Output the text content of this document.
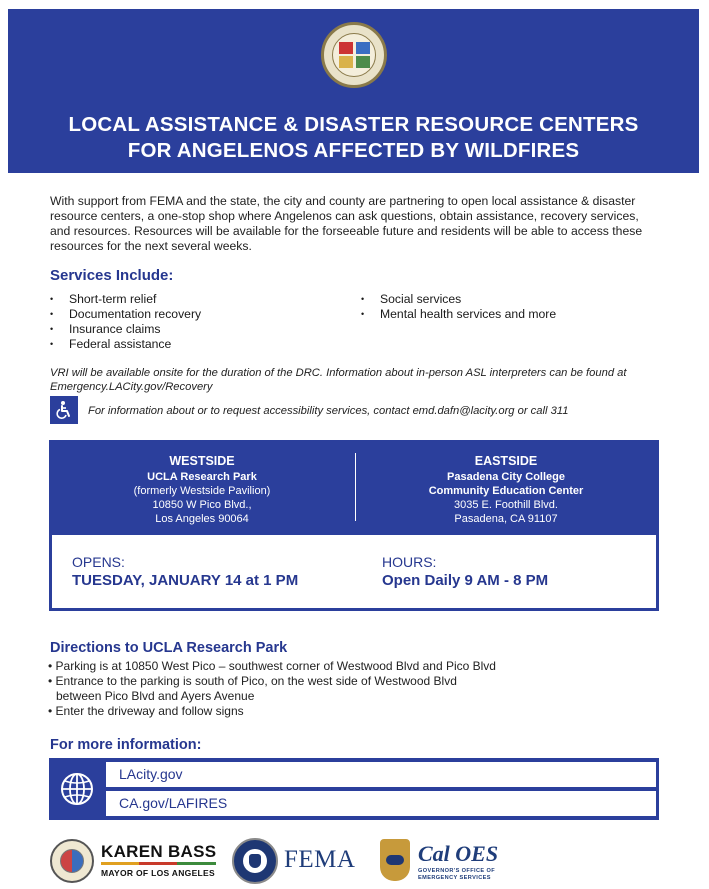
LOCAL ASSISTANCE & DISASTER RESOURCE CENTERS
FOR ANGELENOS AFFECTED BY WILDFIRES

With support from FEMA and the state, the city and county are partnering to open local assistance & disaster resource centers, a one-stop shop where Angelenos can ask questions, obtain assistance, recovery services, and resources. Resources will be available for the forseeable future and residents will be able to access these resources for the next several weeks.

Services Include:
• Short-term relief
• Documentation recovery
• Insurance claims
• Federal assistance
• Social services
• Mental health services and more

VRI will be available onsite for the duration of the DRC. Information about in-person ASL interpreters can be found at Emergency.LACity.gov/Recovery

For information about or to request accessibility services, contact emd.dafn@lacity.org or call 311

WESTSIDE
UCLA Research Park
(formerly Westside Pavilion)
10850 W Pico Blvd.,
Los Angeles 90064
EASTSIDE
Pasadena City College
Community Education Center
3035 E. Foothill Blvd.
Pasadena, CA 91107
OPENS:
TUESDAY, JANUARY 14 at 1 PM
HOURS:
Open Daily 9 AM - 8 PM
Directions to UCLA Research Park
• Parking is at 10850 West Pico – southwest corner of Westwood Blvd and Pico Blvd
• Entrance to the parking is south of Pico, on the west side of Westwood Blvd
between Pico Blvd and Ayers Avenue
• Enter the driveway and follow signs
For more information:
LAcity.gov
CA.gov/LAFIRES
KAREN BASS
MAYOR OF LOS ANGELES	FEMA	Cal OES
GOVERNOR'S OFFICE OF EMERGENCY SERVICES
